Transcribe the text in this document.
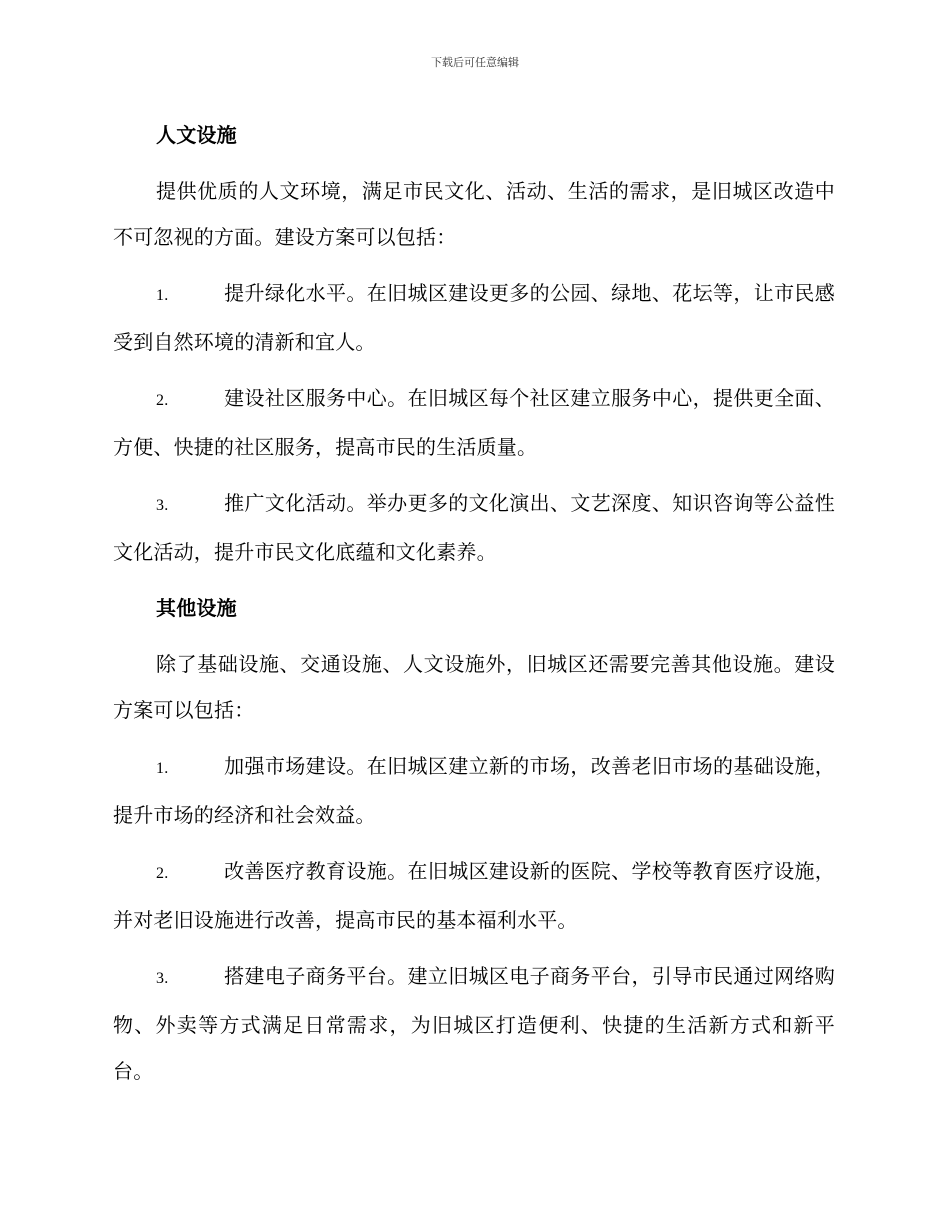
下载后可任意编辑
人文设施

提供优质的人文环境，满足市民文化、活动、生活的需求，是旧城区改造中不可忽视的方面。建设方案可以包括：

1.	提升绿化水平。在旧城区建设更多的公园、绿地、花坛等，让市民感受到自然环境的清新和宜人。

2.	建设社区服务中心。在旧城区每个社区建立服务中心，提供更全面、方便、快捷的社区服务，提高市民的生活质量。

3.	推广文化活动。举办更多的文化演出、文艺深度、知识咨询等公益性文化活动，提升市民文化底蕴和文化素养。

其他设施

除了基础设施、交通设施、人文设施外，旧城区还需要完善其他设施。建设方案可以包括：

1.	加强市场建设。在旧城区建立新的市场，改善老旧市场的基础设施，提升市场的经济和社会效益。

2.	改善医疗教育设施。在旧城区建设新的医院、学校等教育医疗设施，并对老旧设施进行改善，提高市民的基本福利水平。

3.	搭建电子商务平台。建立旧城区电子商务平台，引导市民通过网络购物、外卖等方式满足日常需求，为旧城区打造便利、快捷的生活新方式和新平台。
